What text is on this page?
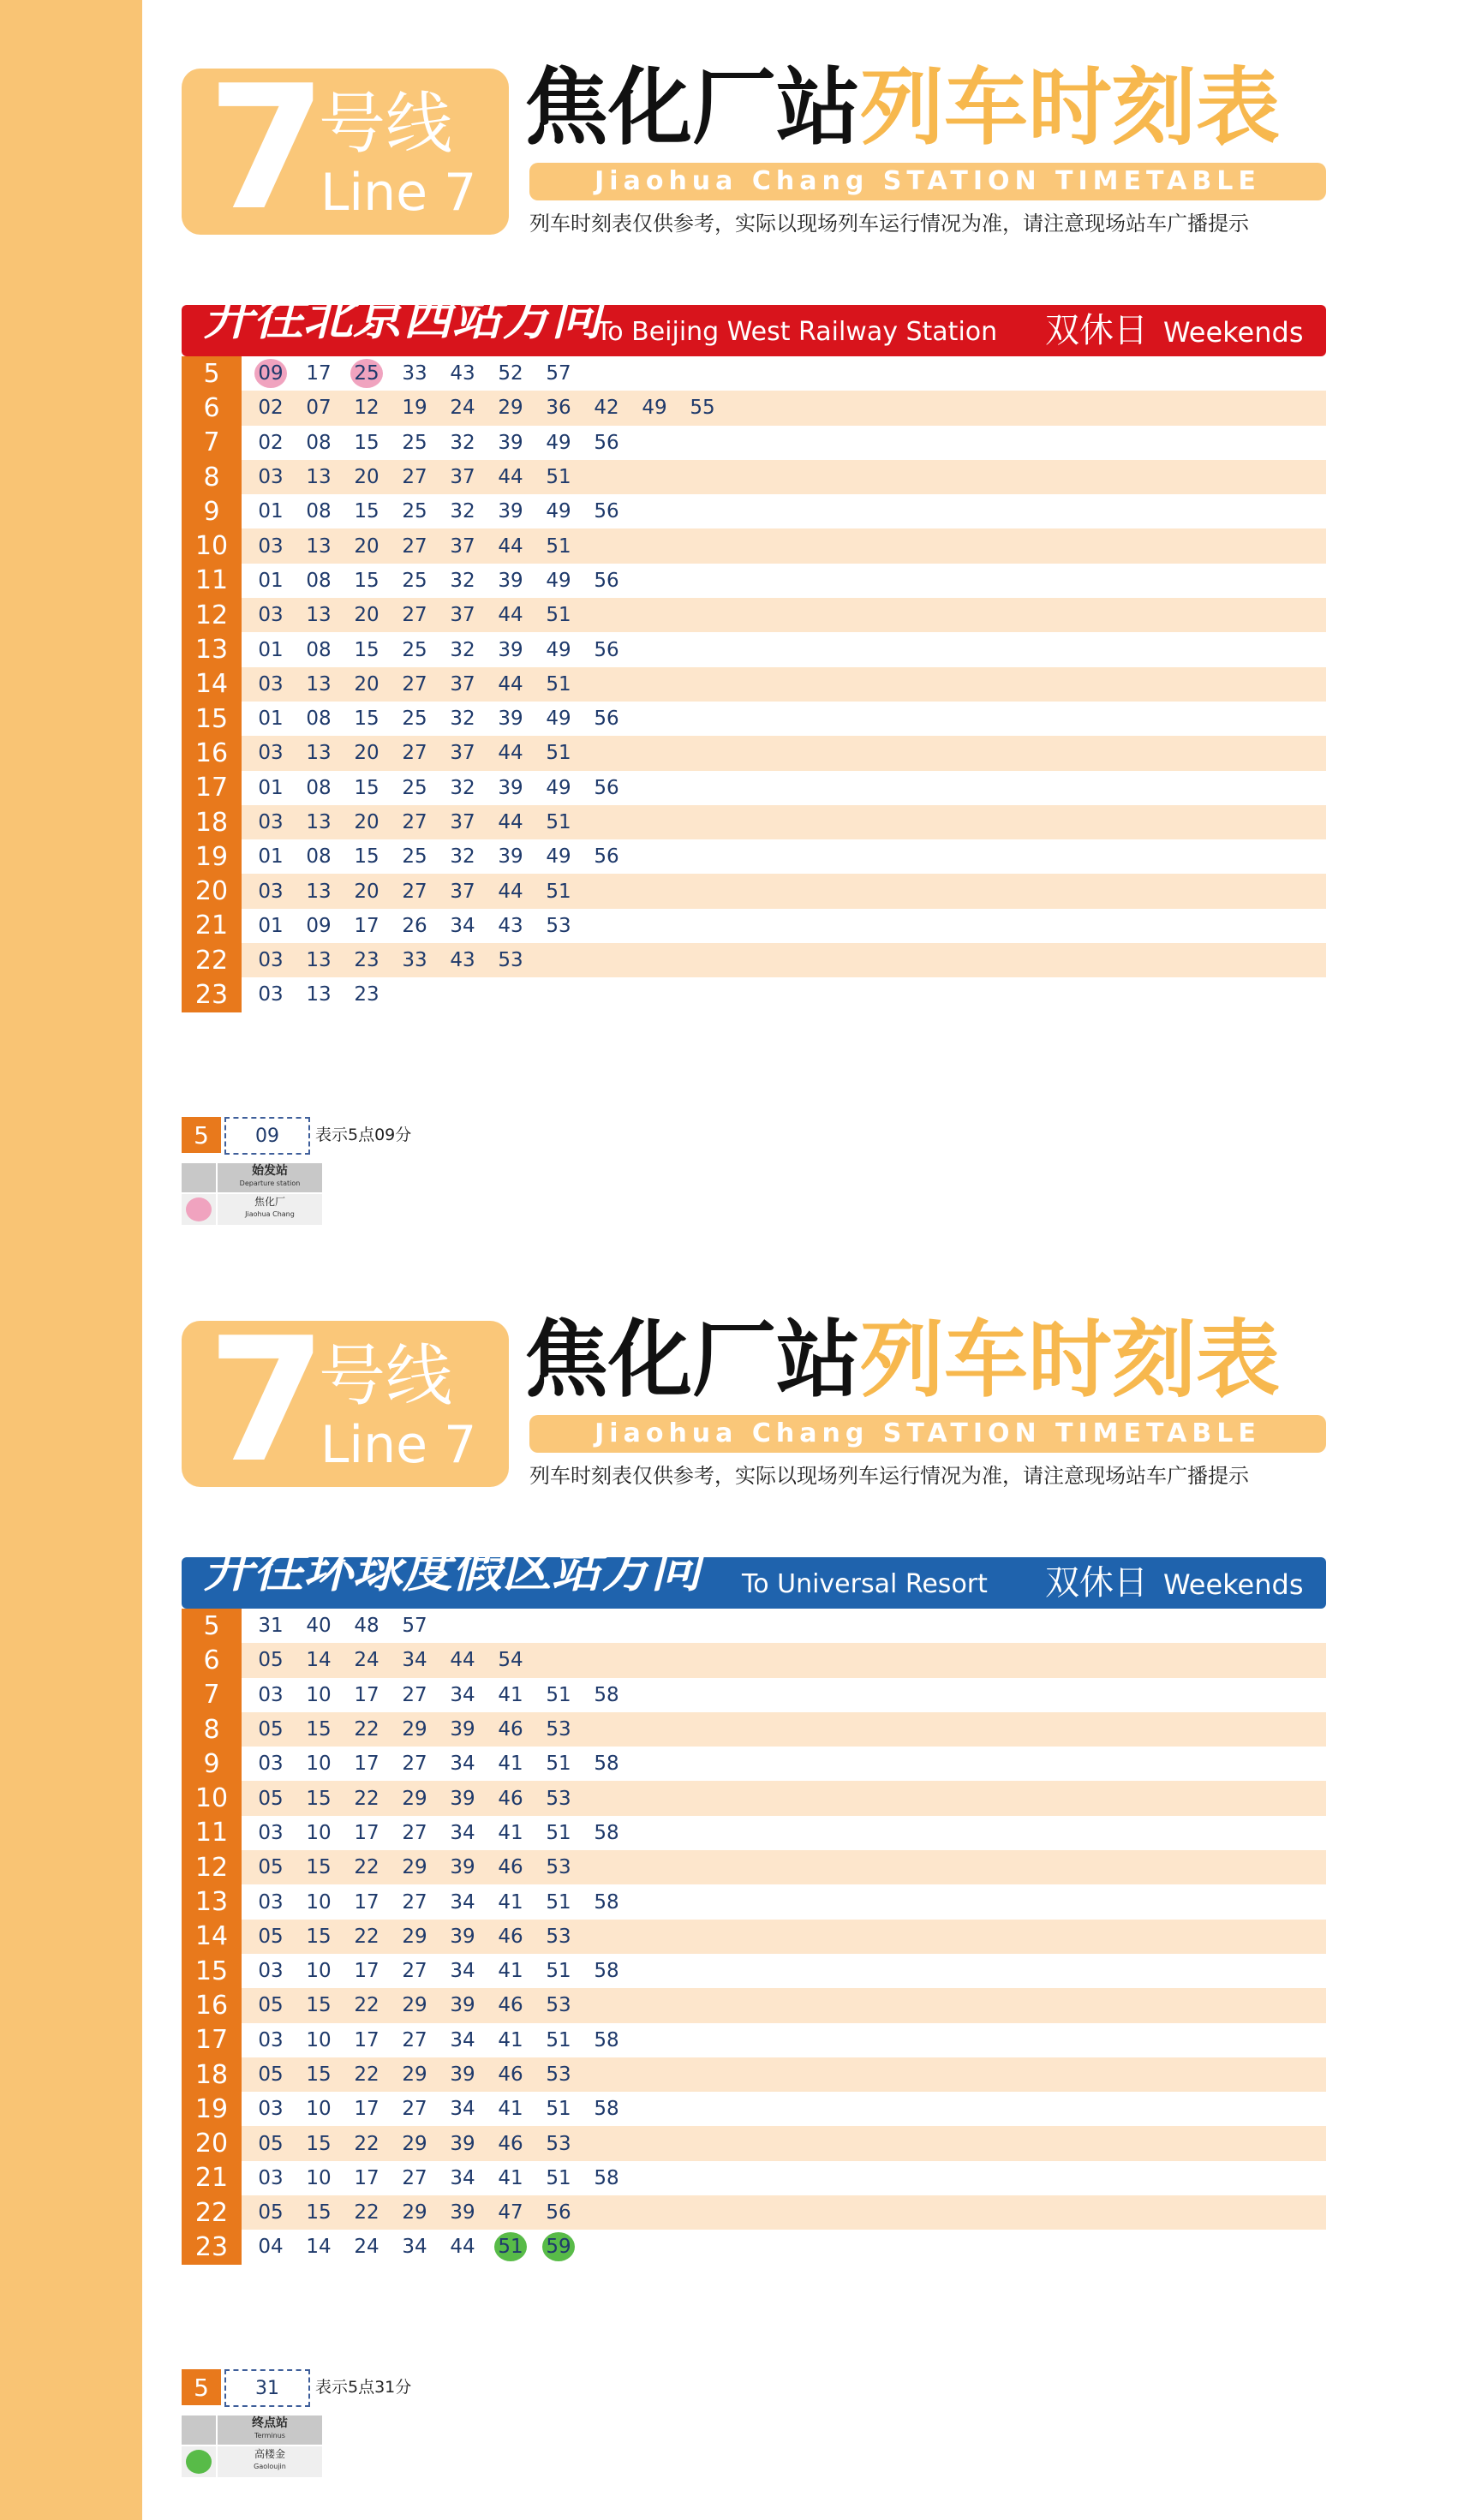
7
号线
Line 7
焦化厂站列车时刻表
Jiaohua Chang STATION TIMETABLE
列车时刻表仅供参考，实际以现场列车运行情况为准，请注意现场站车广播提示
开往北京西站方向
To Beijing West Railway Station 双休日 Weekends
5	09	17	25	33	43	52	57
6	02	07	12	19	24	29	36	42	49	55
7	02	08	15	25	32	39	49	56
8	03	13	20	27	37	44	51
9	01	08	15	25	32	39	49	56
10	03	13	20	27	37	44	51
11	01	08	15	25	32	39	49	56
12	03	13	20	27	37	44	51
13	01	08	15	25	32	39	49	56
14	03	13	20	27	37	44	51
15	01	08	15	25	32	39	49	56
16	03	13	20	27	37	44	51
17	01	08	15	25	32	39	49	56
18	03	13	20	27	37	44	51
19	01	08	15	25	32	39	49	56
20	03	13	20	27	37	44	51
21	01	09	17	26	34	43	53
22	03	13	23	33	43	53
23	03	13	23
5	09	表示5点09分
始发站
Departure station
焦化厂
Jiaohua Chang
7
号线
Line 7
焦化厂站列车时刻表
Jiaohua Chang STATION TIMETABLE
列车时刻表仅供参考，实际以现场列车运行情况为准，请注意现场站车广播提示
开往环球度假区站方向 To Universal Resort 双休日 Weekends
5	31	40	48	57
6	05	14	24	34	44	54
7	03	10	17	27	34	41	51	58
8	05	15	22	29	39	46	53
9	03	10	17	27	34	41	51	58
10	05	15	22	29	39	46	53
11	03	10	17	27	34	41	51	58
12	05	15	22	29	39	46	53
13	03	10	17	27	34	41	51	58
14	05	15	22	29	39	46	53
15	03	10	17	27	34	41	51	58
16	05	15	22	29	39	46	53
17	03	10	17	27	34	41	51	58
18	05	15	22	29	39	46	53
19	03	10	17	27	34	41	51	58
20	05	15	22	29	39	46	53
21	03	10	17	27	34	41	51	58
22	05	15	22	29	39	47	56
23	04	14	24	34	44	51	59
5	31	表示5点31分
终点站
Terminus
高楼金
Gaoloujin
